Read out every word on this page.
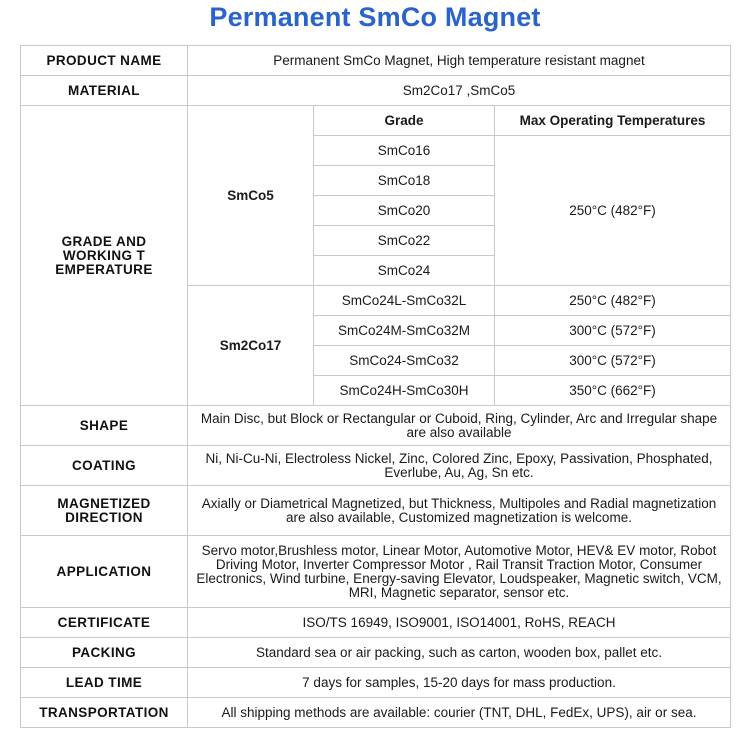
Permanent SmCo Magnet
PRODUCT NAME	Permanent SmCo Magnet, High temperature resistant magnet		
MATERIAL	Sm2Co17 ,SmCo5		
GRADE AND WORKING T EMPERATURE	SmCo5	Grade	Max Operating Temperatures
		SmCo16	250°C (482°F)
		SmCo18	
		SmCo20	
		SmCo22	
		SmCo24	
	Sm2Co17	SmCo24L-SmCo32L	250°C (482°F)
		SmCo24M-SmCo32M	300°C (572°F)
		SmCo24-SmCo32	300°C (572°F)
		SmCo24H-SmCo30H	350°C (662°F)
SHAPE	Main Disc, but Block or Rectangular or Cuboid, Ring, Cylinder, Arc and Irregular shape are also available		
COATING	Ni, Ni-Cu-Ni, Electroless Nickel, Zinc, Colored Zinc, Epoxy, Passivation, Phosphated, Everlube, Au, Ag, Sn etc.		
MAGNETIZED DIRECTION	Axially or Diametrical Magnetized, but Thickness, Multipoles and Radial magnetization are also available, Customized magnetization is welcome.		
APPLICATION	Servo motor,Brushless motor, Linear Motor, Automotive Motor, HEV& EV motor, Robot Driving Motor, Inverter Compressor Motor , Rail Transit Traction Motor, Consumer Electronics, Wind turbine, Energy-saving Elevator, Loudspeaker, Magnetic switch, VCM, MRI, Magnetic separator, sensor etc.		
CERTIFICATE	ISO/TS 16949, ISO9001, ISO14001, RoHS, REACH		
PACKING	Standard sea or air packing, such as carton, wooden box, pallet etc.		
LEAD TIME	7 days for samples, 15-20 days for mass production.		
TRANSPORTATION	All shipping methods are available: courier (TNT, DHL, FedEx, UPS), air or sea.		
